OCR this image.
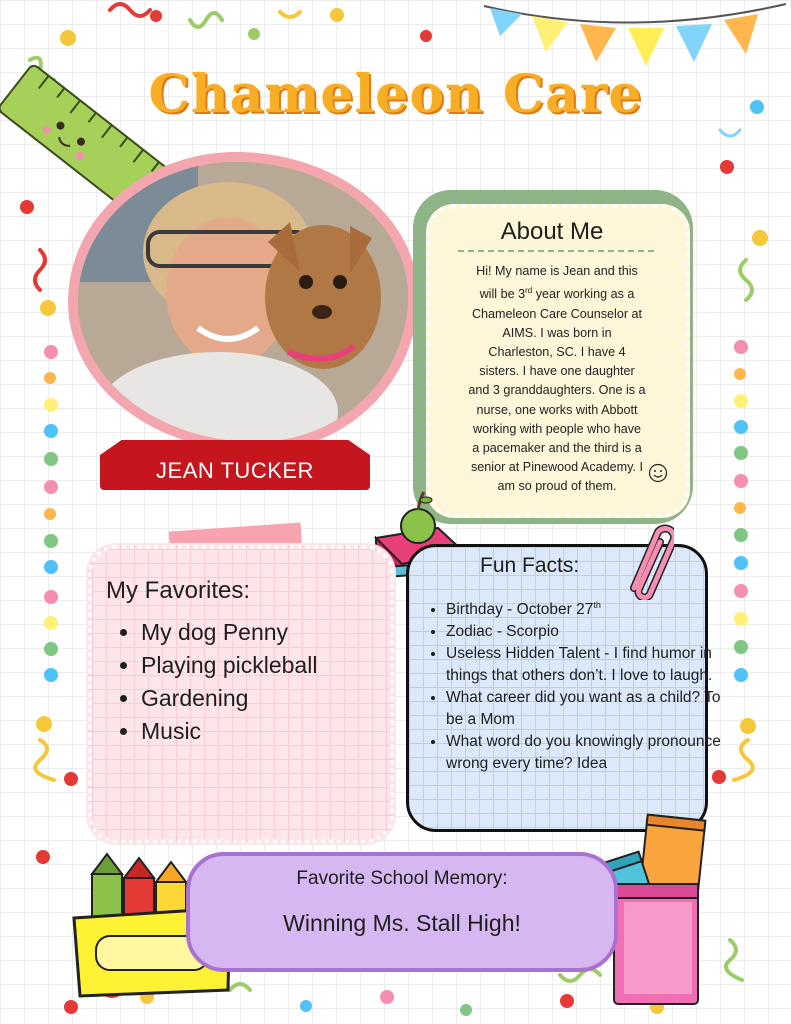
Chameleon Care
JEAN TUCKER
About Me
Hi! My name is Jean and this
will be 3rd year working as a
Chameleon Care Counselor at
AIMS. I was born in
Charleston, SC. I have 4
sisters. I have one daughter
and 3 granddaughters. One is a
nurse, one works with Abbott
working with people who have
a pacemaker and the third is a
senior at Pinewood Academy. I
am so proud of them.
My Favorites:
• My dog Penny
• Playing pickleball
• Gardening
• Music
Fun Facts:
• Birthday - October 27th
• Zodiac - Scorpio
• Useless Hidden Talent - I find humor in things that others don’t. I love to laugh.
• What career did you want as a child? To be a Mom
• What word do you knowingly pronounce wrong every time? Idea
Favorite School Memory:
Winning Ms. Stall High!
